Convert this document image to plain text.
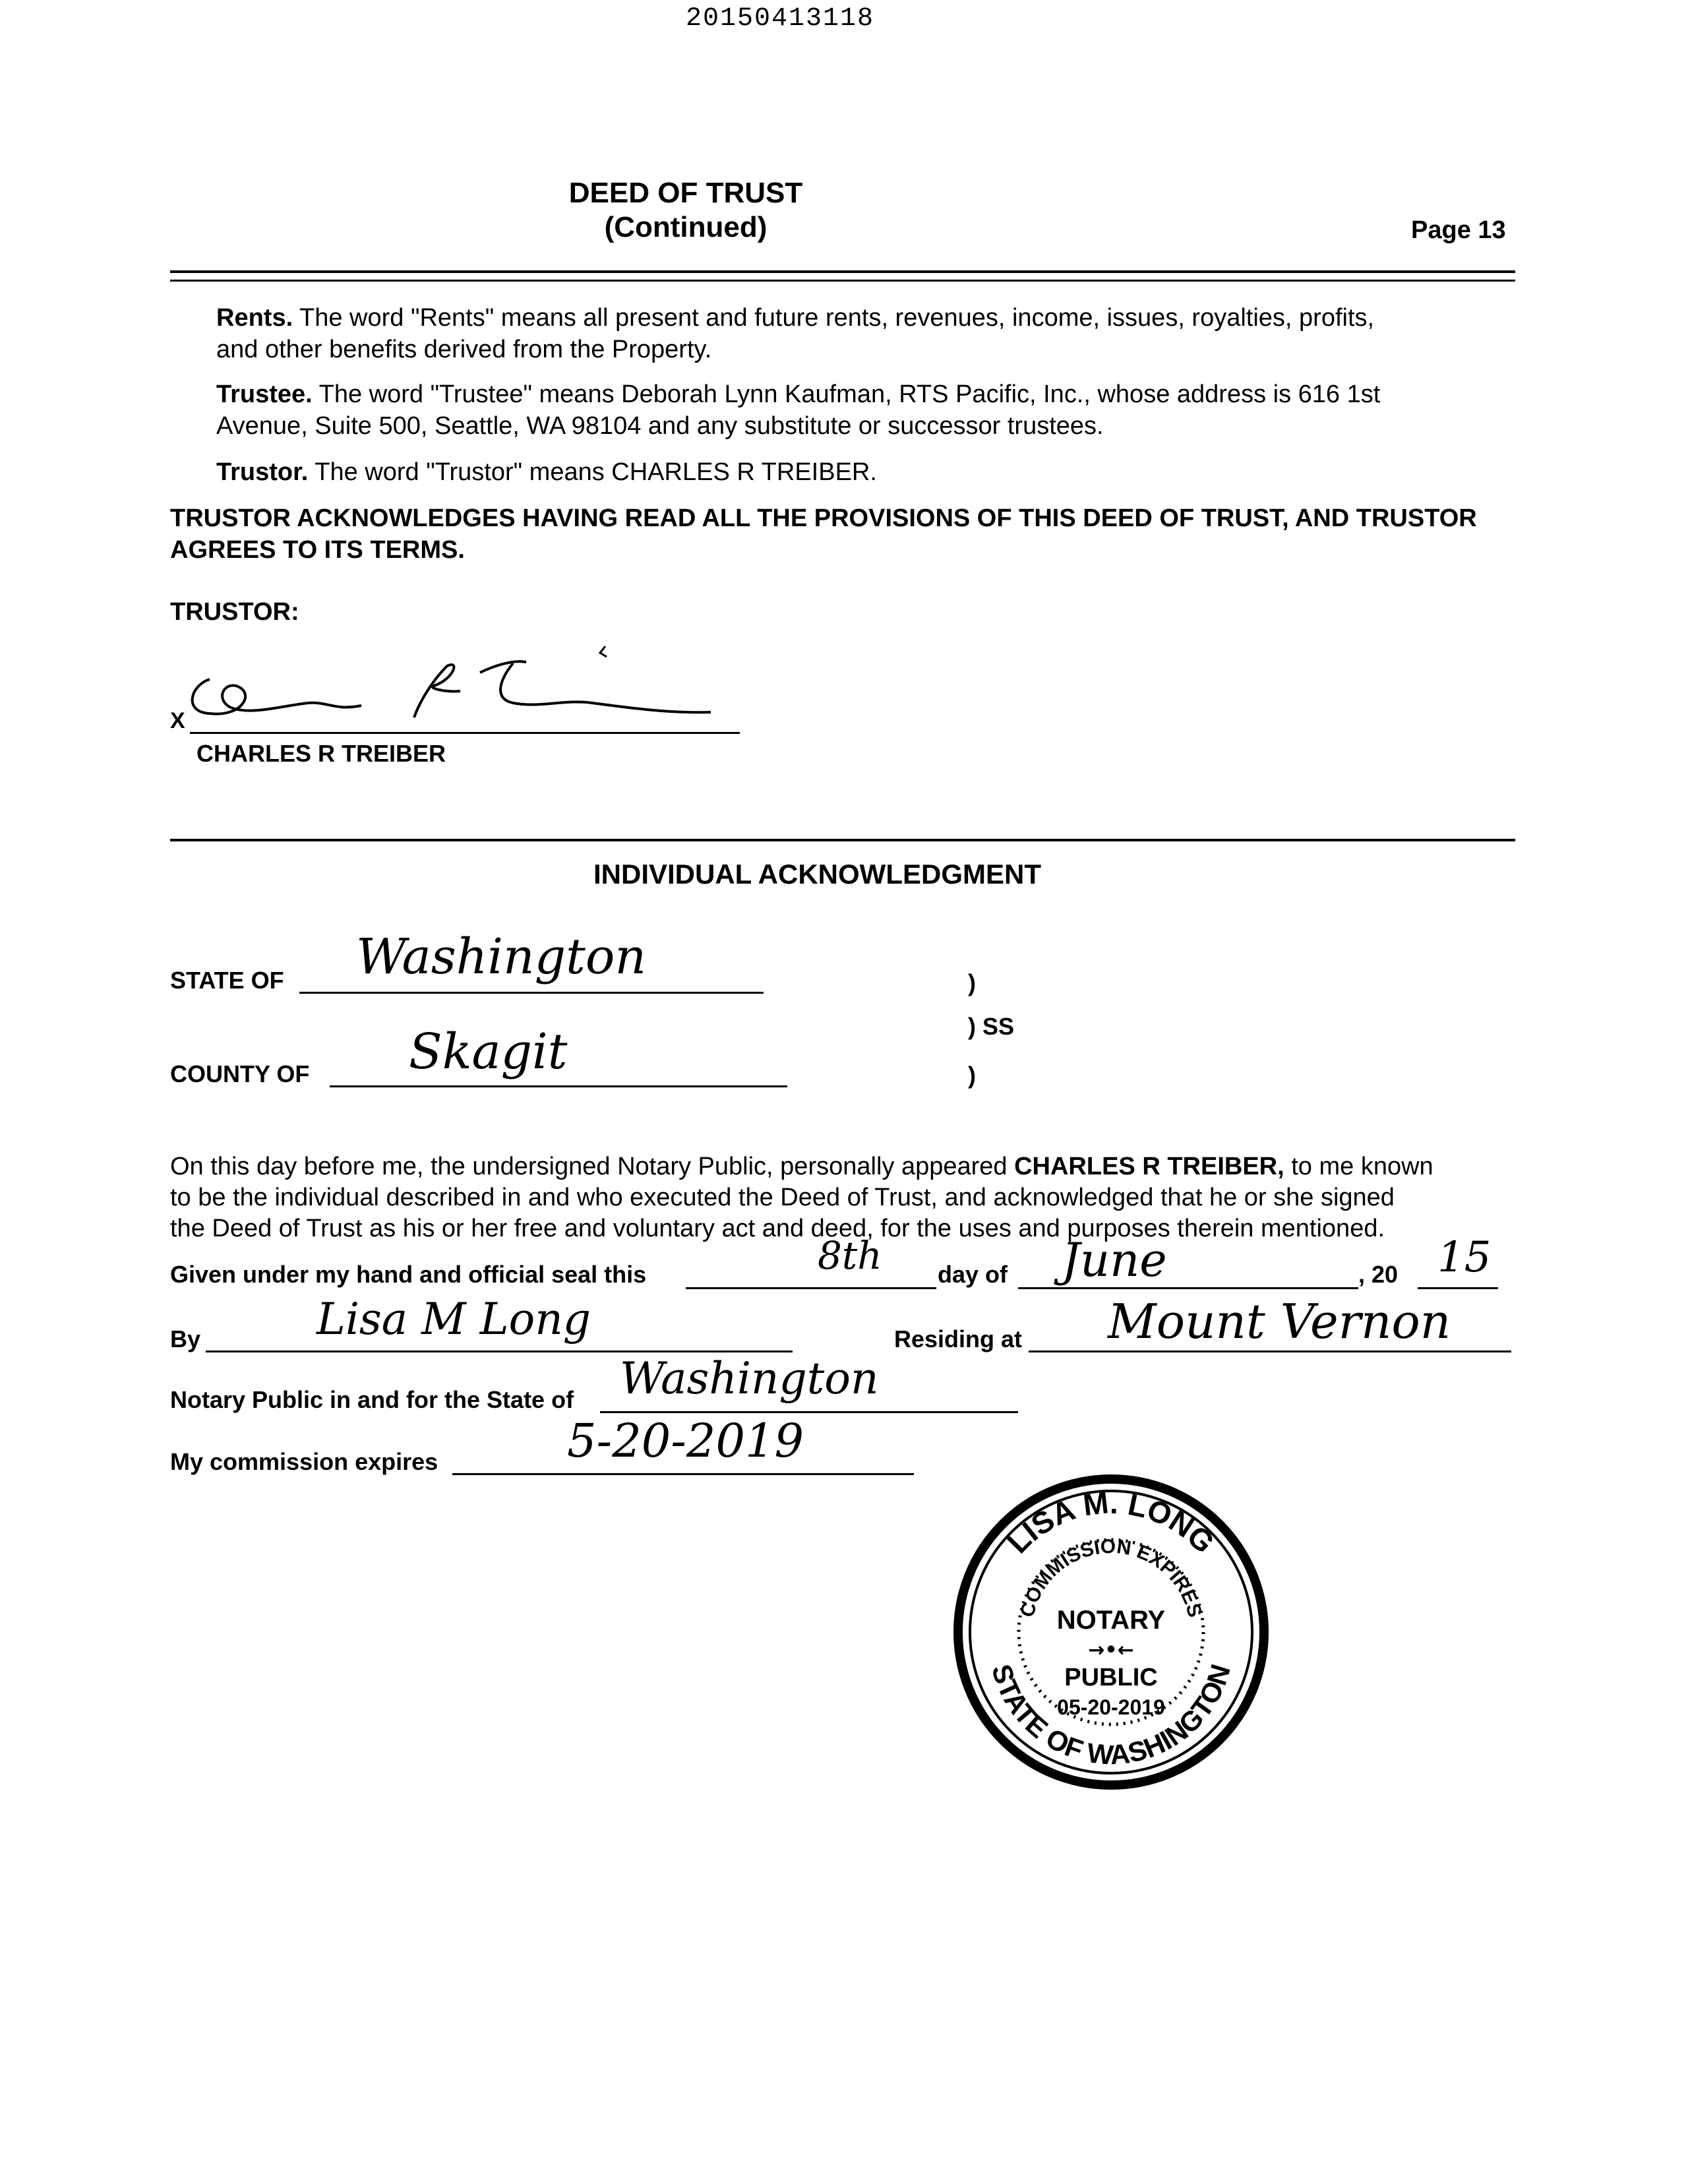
20150413118
DEED OF TRUST
(Continued)	Page 13
Rents. The word "Rents" means all present and future rents, revenues, income, issues, royalties, profits,
and other benefits derived from the Property.
Trustee. The word "Trustee" means Deborah Lynn Kaufman, RTS Pacific, Inc., whose address is 616 1st
Avenue, Suite 500, Seattle, WA 98104 and any substitute or successor trustees.
Trustor. The word "Trustor" means CHARLES R TREIBER.
TRUSTOR ACKNOWLEDGES HAVING READ ALL THE PROVISIONS OF THIS DEED OF TRUST, AND TRUSTOR
AGREES TO ITS TERMS.
TRUSTOR:
X
CHARLES R TREIBER
INDIVIDUAL ACKNOWLEDGMENT
STATE OF Washington	)
) SS
COUNTY OF Skagit	)
On this day before me, the undersigned Notary Public, personally appeared CHARLES R TREIBER, to me known
to be the individual described in and who executed the Deed of Trust, and acknowledged that he or she signed
the Deed of Trust as his or her free and voluntary act and deed, for the uses and purposes therein mentioned.
Given under my hand and official seal this	8th day of June	, 20 15
By	Lisa M Long	Residing at Mount Vernon
Notary Public in and for the State of Washington
My commission expires	5-20-2019
LISA M. LONG
COMMISSION EXPIRES
NOTARY
→•←
PUBLIC
05-20-2019
STATE OF WASHINGTON
